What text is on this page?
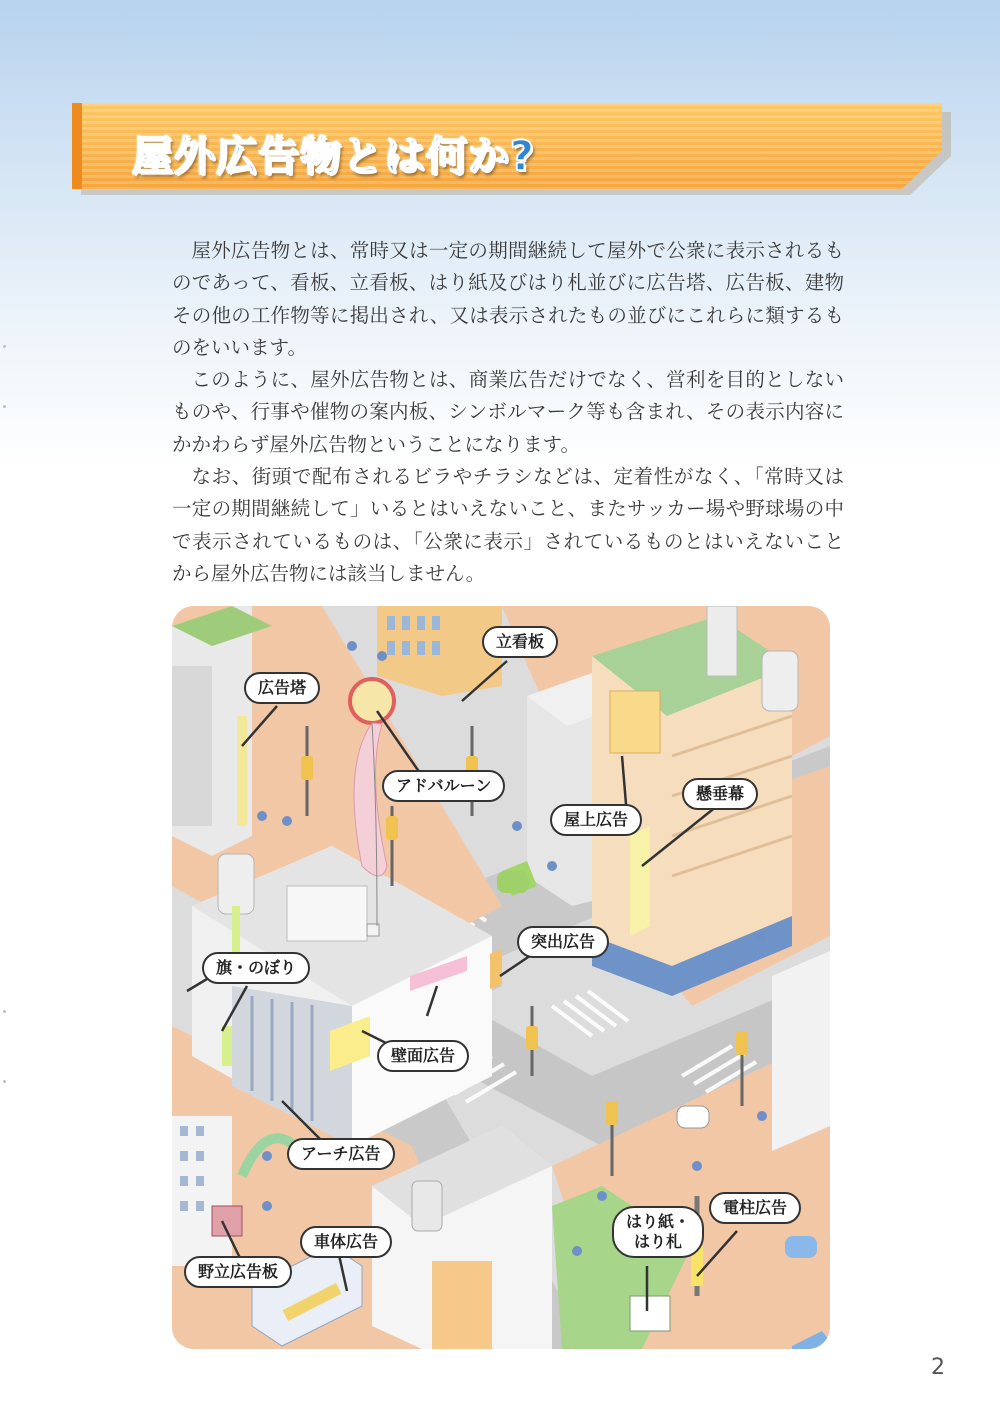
屋外広告物とは何か?

屋外広告物とは、常時又は一定の期間継続して屋外で公衆に表示されるものであって、看板、立看板、はり紙及びはり札並びに広告塔、広告板、建物その他の工作物等に掲出され、又は表示されたもの並びにこれらに類するものをいいます。

このように、屋外広告物とは、商業広告だけでなく、営利を目的としないものや、行事や催物の案内板、シンボルマーク等も含まれ、その表示内容にかかわらず屋外広告物ということになります。

なお、街頭で配布されるビラやチラシなどは、定着性がなく、「常時又は一定の期間継続して」いるとはいえないこと、またサッカー場や野球場の中で表示されているものは、「公衆に表示」されているものとはいえないことから屋外広告物には該当しません。

立看板
広告塔
アドバルーン
屋上広告
懸垂幕
突出広告
旗・のぼり
壁面広告
アーチ広告
車体広告
野立広告板
はり紙・
はり札
電柱広告
2
